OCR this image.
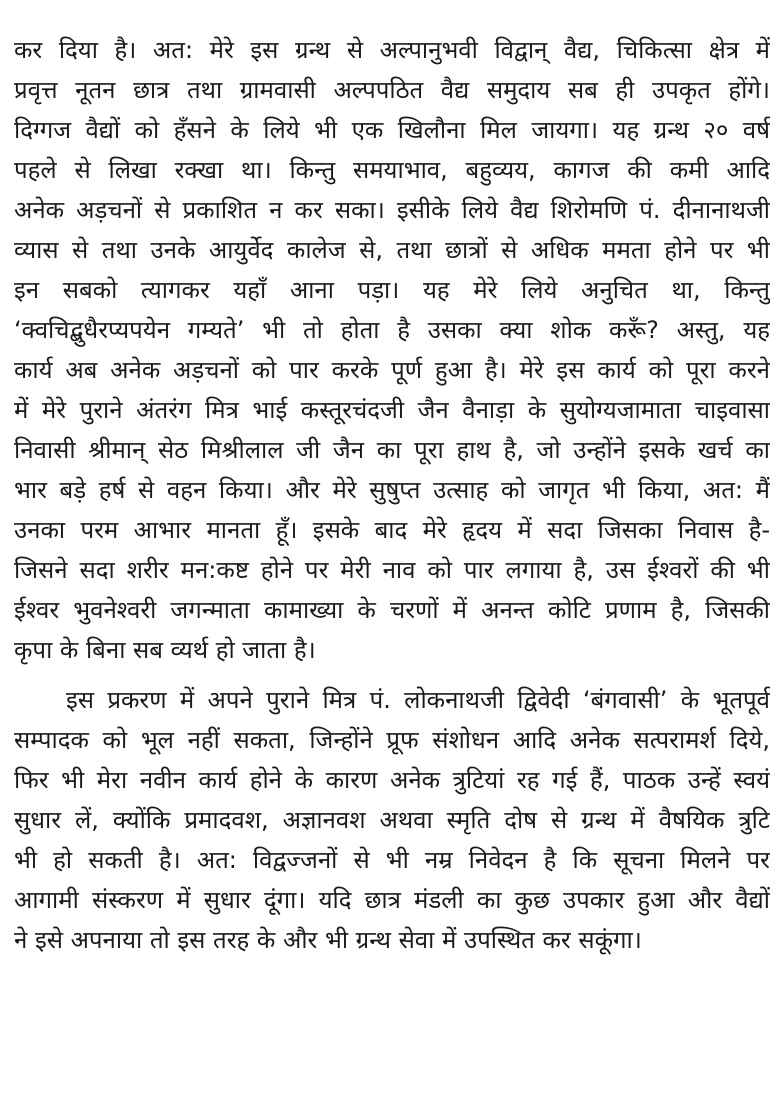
कर दिया है। अत: मेरे इस ग्रन्थ से अल्पानुभवी विद्वान् वैद्य, चिकित्सा क्षेत्र में
प्रवृत्त नूतन छात्र तथा ग्रामवासी अल्पपठित वैद्य समुदाय सब ही उपकृत होंगे।
दिग्गज वैद्यों को हँसने के लिये भी एक खिलौना मिल जायगा। यह ग्रन्थ २० वर्ष
पहले से लिखा रक्खा था। किन्तु समयाभाव, बहुव्यय, कागज की कमी आदि
अनेक अड़चनों से प्रकाशित न कर सका। इसीके लिये वैद्य शिरोमणि पं. दीनानाथजी
व्यास से तथा उनके आयुर्वेद कालेज से, तथा छात्रों से अधिक ममता होने पर भी
इन सबको त्यागकर यहाँ आना पड़ा। यह मेरे लिये अनुचित था, किन्तु
‘क्वचिद्बुधैरप्यपयेन गम्यते’ भी तो होता है उसका क्या शोक करूँ? अस्तु, यह
कार्य अब अनेक अड़चनों को पार करके पूर्ण हुआ है। मेरे इस कार्य को पूरा करने
में मेरे पुराने अंतरंग मित्र भाई कस्तूरचंदजी जैन वैनाड़ा के सुयोग्यजामाता चाइवासा
निवासी श्रीमान् सेठ मिश्रीलाल जी जैन का पूरा हाथ है, जो उन्होंने इसके खर्च का
भार बड़े हर्ष से वहन किया। और मेरे सुषुप्त उत्साह को जागृत भी किया, अत: मैं
उनका परम आभार मानता हूँ। इसके बाद मेरे हृदय में सदा जिसका निवास है-
जिसने सदा शरीर मन:कष्ट होने पर मेरी नाव को पार लगाया है, उस ईश्वरों की भी
ईश्वर भुवनेश्वरी जगन्माता कामाख्या के चरणों में अनन्त कोटि प्रणाम है, जिसकी
कृपा के बिना सब व्यर्थ हो जाता है।
इस प्रकरण में अपने पुराने मित्र पं. लोकनाथजी द्विवेदी ‘बंगवासी’ के भूतपूर्व
सम्पादक को भूल नहीं सकता, जिन्होंने प्रूफ संशोधन आदि अनेक सत्परामर्श दिये,
फिर भी मेरा नवीन कार्य होने के कारण अनेक त्रुटियां रह गई हैं, पाठक उन्हें स्वयं
सुधार लें, क्योंकि प्रमादवश, अज्ञानवश अथवा स्मृति दोष से ग्रन्थ में वैषयिक त्रुटि
भी हो सकती है। अत: विद्वज्जनों से भी नम्र निवेदन है कि सूचना मिलने पर
आगामी संस्करण में सुधार दूंगा। यदि छात्र मंडली का कुछ उपकार हुआ और वैद्यों
ने इसे अपनाया तो इस तरह के और भी ग्रन्थ सेवा में उपस्थित कर सकूंगा।
